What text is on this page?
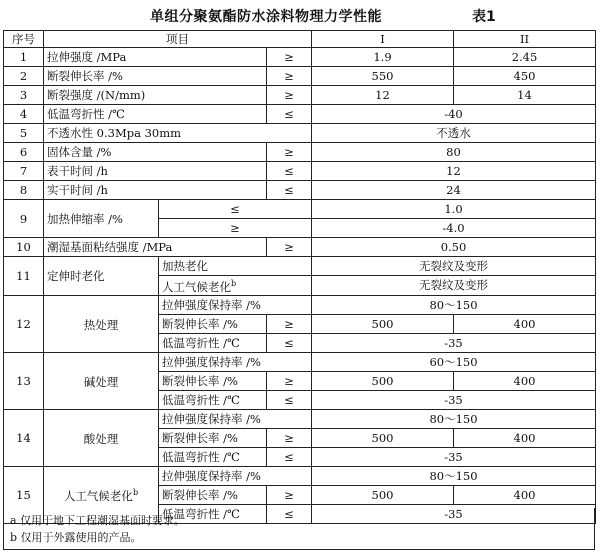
单组分聚氨酯防水涂料物理力学性能	表1
序号	项目			I	II
1	拉伸强度 /MPa		≥	1.9	2.45
2	断裂伸长率 /%		≥	550	450
3	断裂强度 /(N/mm)		≥	12	14
4	低温弯折性 /℃		≤	-40	
5	不透水性 0.3Mpa 30mm			不透水	
6	固体含量 /%		≥	80	
7	表干时间 /h		≤	12	
8	实干时间 /h		≤	24	
9	加热伸缩率 /%	≤		1.0	
		≥		-4.0	
10	潮湿基面粘结强度 /MPa		≥	0.50	
11	定伸时老化	加热老化		无裂纹及变形	
		人工气候老化$^b$		无裂纹及变形	
12	热处理	拉伸强度保持率 /%		80～150	
		断裂伸长率 /%	≥	500	400
		低温弯折性 /℃	≤	-35	
13	碱处理	拉伸强度保持率 /%		60～150	
		断裂伸长率 /%	≥	500	400
		低温弯折性 /℃	≤	-35	
14	酸处理	拉伸强度保持率 /%		80～150	
		断裂伸长率 /%	≥	500	400
		低温弯折性 /℃	≤	-35	
15	人工气候老化$^b$	拉伸强度保持率 /%		80～150	
		断裂伸长率 /%	≥	500	400
		低温弯折性 /℃	≤	-35	
a 仅用于地下工程潮湿基面时要求。
b 仅用于外露使用的产品。
